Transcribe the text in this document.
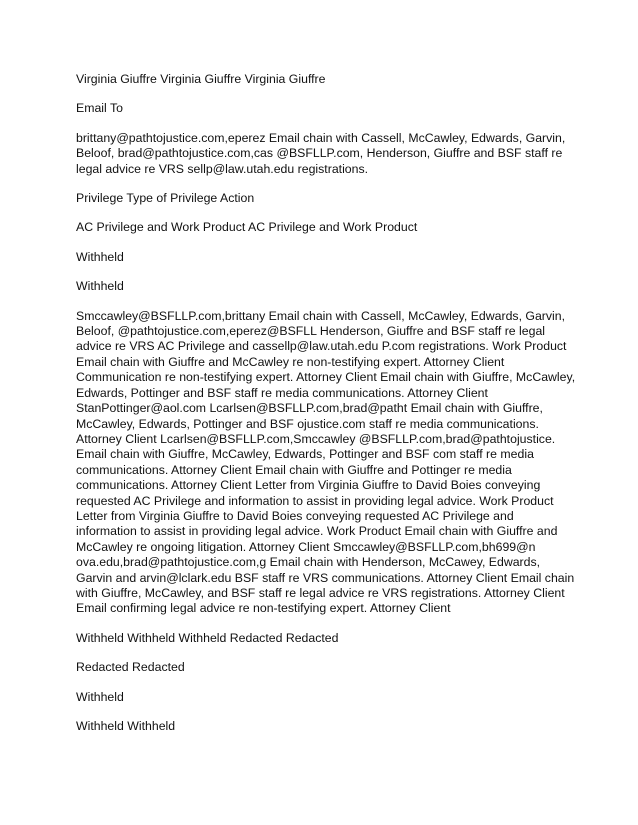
Virginia Giuffre Virginia Giuffre Virginia Giuffre

Email To

brittany@pathtojustice.com,eperez Email chain with Cassell, McCawley, Edwards, Garvin, Beloof, brad@pathtojustice.com,cas @BSFLLP.com, Henderson, Giuffre and BSF staff re legal advice re VRS sellp@law.utah.edu registrations.

Privilege Type of Privilege Action

AC Privilege and Work Product AC Privilege and Work Product

Withheld

Withheld

Smccawley@BSFLLP.com,brittany Email chain with Cassell, McCawley, Edwards, Garvin, Beloof, @pathtojustice.com,eperez@BSFLL Henderson, Giuffre and BSF staff re legal advice re VRS AC Privilege and cassellp@law.utah.edu P.com registrations. Work Product Email chain with Giuffre and McCawley re non-testifying expert. Attorney Client Communication re non-testifying expert. Attorney Client Email chain with Giuffre, McCawley, Edwards, Pottinger and BSF staff re media communications. Attorney Client StanPottinger@aol.com Lcarlsen@BSFLLP.com,brad@patht Email chain with Giuffre, McCawley, Edwards, Pottinger and BSF ojustice.com staff re media communications. Attorney Client Lcarlsen@BSFLLP.com,Smccawley @BSFLLP.com,brad@pathtojustice. Email chain with Giuffre, McCawley, Edwards, Pottinger and BSF com staff re media communications. Attorney Client Email chain with Giuffre and Pottinger re media communications. Attorney Client Letter from Virginia Giuffre to David Boies conveying requested AC Privilege and information to assist in providing legal advice. Work Product Letter from Virginia Giuffre to David Boies conveying requested AC Privilege and information to assist in providing legal advice. Work Product Email chain with Giuffre and McCawley re ongoing litigation. Attorney Client Smccawley@BSFLLP.com,bh699@n ova.edu,brad@pathtojustice.com,g Email chain with Henderson, McCawey, Edwards, Garvin and arvin@lclark.edu BSF staff re VRS communications. Attorney Client Email chain with Giuffre, McCawley, and BSF staff re legal advice re VRS registrations. Attorney Client Email confirming legal advice re non-testifying expert. Attorney Client

Withheld Withheld Withheld Redacted Redacted

Redacted Redacted

Withheld

Withheld Withheld
